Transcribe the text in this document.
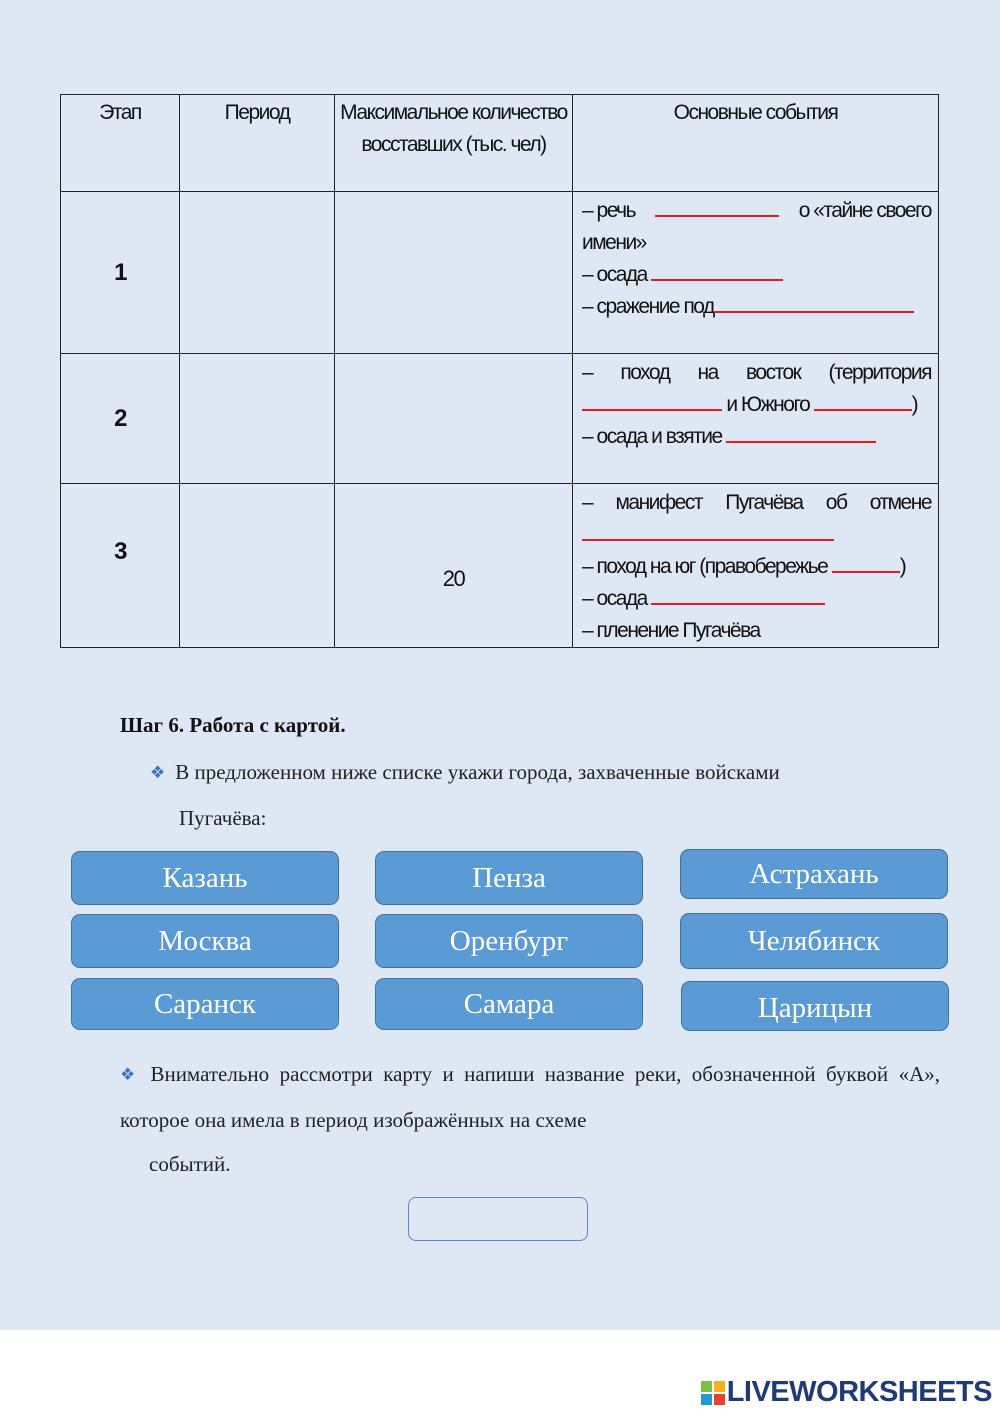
Этап	Период	Максимальное количество восставших (тыс. чел)	Основные события
1			– речь о «тайне своего
имени»
– осада
– сражение под

2			– поход на восток (территория
и Южного )
– осада и взятие

3		20	– манифест Пугачёва об отмене
– поход на юг (правобережье )
– осада
– пленение Пугачёва
Шаг 6. Работа с картой.
❖ В предложенном ниже списке укажи города, захваченные войсками
Пугачёва:
Казань	Пенза	Астрахань
Москва	Оренбург	Челябинск
Саранск	Самара	Царицын
❖ Внимательно рассмотри карту и напиши название реки, обозначенной буквой «А», которое она имела в период изображённых на схеме
событий.
LIVEWORKSHEETS
